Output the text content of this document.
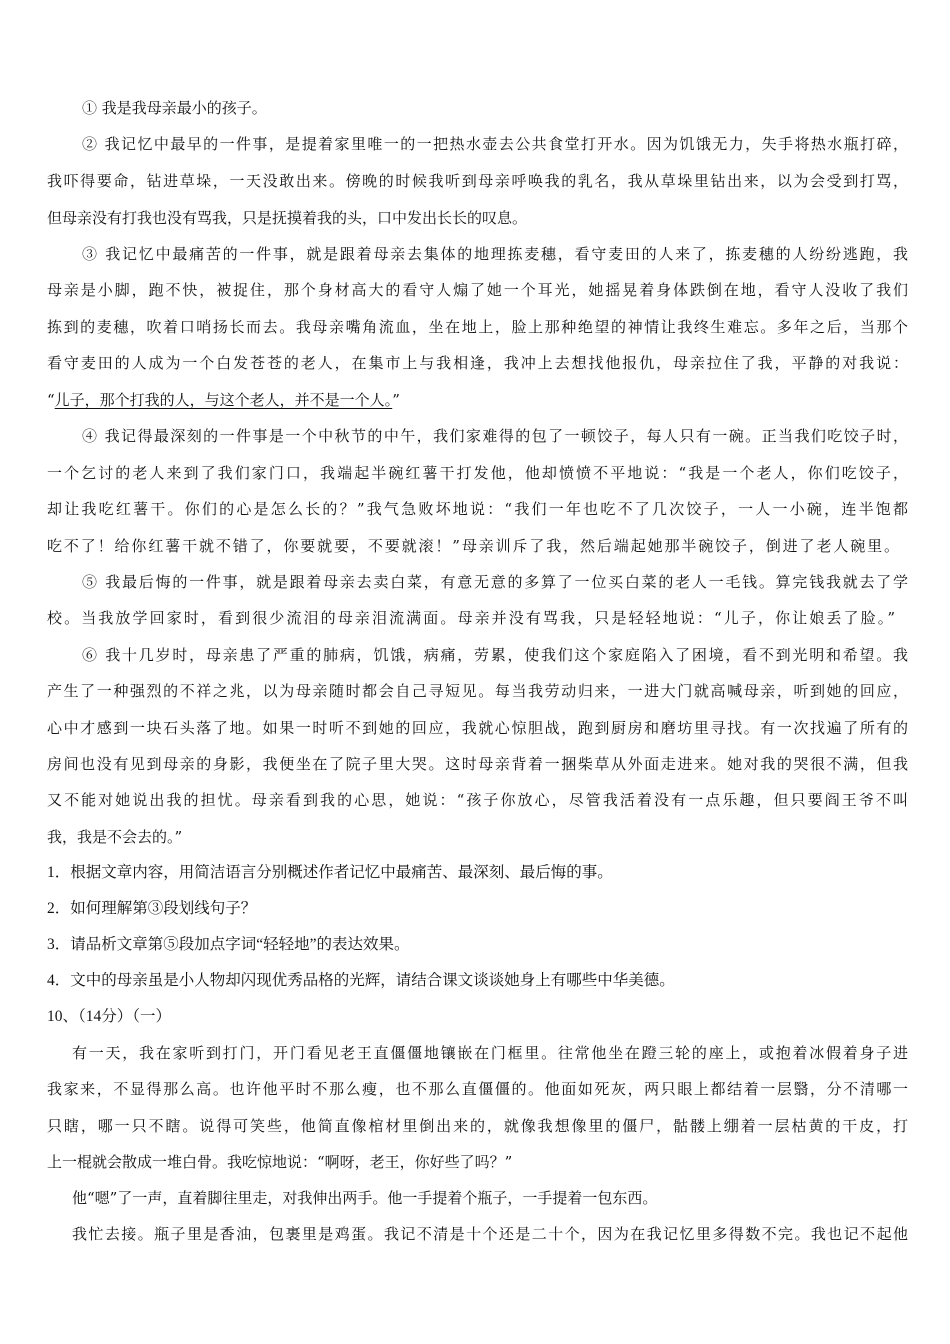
① 我是我母亲最小的孩子。
② 我记忆中最早的一件事，是提着家里唯一的一把热水壶去公共食堂打开水。因为饥饿无力，失手将热水瓶打碎，
我吓得要命，钻进草垛，一天没敢出来。傍晚的时候我听到母亲呼唤我的乳名，我从草垛里钻出来，以为会受到打骂，
但母亲没有打我也没有骂我，只是抚摸着我的头，口中发出长长的叹息。
③ 我记忆中最痛苦的一件事，就是跟着母亲去集体的地理拣麦穗，看守麦田的人来了，拣麦穗的人纷纷逃跑，我
母亲是小脚，跑不快，被捉住，那个身材高大的看守人煽了她一个耳光，她摇晃着身体跌倒在地，看守人没收了我们
拣到的麦穗，吹着口哨扬长而去。我母亲嘴角流血，坐在地上，脸上那种绝望的神情让我终生难忘。多年之后，当那个
看守麦田的人成为一个白发苍苍的老人，在集市上与我相逢，我冲上去想找他报仇，母亲拉住了我，平静的对我说：
“儿子，那个打我的人，与这个老人，并不是一个人。”
④ 我记得最深刻的一件事是一个中秋节的中午，我们家难得的包了一顿饺子，每人只有一碗。正当我们吃饺子时，
一个乞讨的老人来到了我们家门口，我端起半碗红薯干打发他，他却愤愤不平地说：“我是一个老人，你们吃饺子，
却让我吃红薯干。你们的心是怎么长的？”我气急败坏地说：“我们一年也吃不了几次饺子，一人一小碗，连半饱都
吃不了！给你红薯干就不错了，你要就要，不要就滚！”母亲训斥了我，然后端起她那半碗饺子，倒进了老人碗里。
⑤ 我最后悔的一件事，就是跟着母亲去卖白菜，有意无意的多算了一位买白菜的老人一毛钱。算完钱我就去了学
校。当我放学回家时，看到很少流泪的母亲泪流满面。母亲并没有骂我，只是轻轻地说：“儿子，你让娘丢了脸。”
⑥ 我十几岁时，母亲患了严重的肺病，饥饿，病痛，劳累，使我们这个家庭陷入了困境，看不到光明和希望。我
产生了一种强烈的不祥之兆，以为母亲随时都会自己寻短见。每当我劳动归来，一进大门就高喊母亲，听到她的回应，
心中才感到一块石头落了地。如果一时听不到她的回应，我就心惊胆战，跑到厨房和磨坊里寻找。有一次找遍了所有的
房间也没有见到母亲的身影，我便坐在了院子里大哭。这时母亲背着一捆柴草从外面走进来。她对我的哭很不满，但我
又不能对她说出我的担忧。母亲看到我的心思，她说：“孩子你放心，尽管我活着没有一点乐趣，但只要阎王爷不叫
我，我是不会去的。”
1．根据文章内容，用简洁语言分别概述作者记忆中最痛苦、最深刻、最后悔的事。
2．如何理解第③段划线句子？
3．请品析文章第⑤段加点字词“轻轻地”的表达效果。
4．文中的母亲虽是小人物却闪现优秀品格的光辉，请结合课文谈谈她身上有哪些中华美德。
10、（14分）（一）
有一天，我在家听到打门，开门看见老王直僵僵地镶嵌在门框里。往常他坐在蹬三轮的座上，或抱着冰假着身子进
我家来，不显得那么高。也许他平时不那么瘦，也不那么直僵僵的。他面如死灰，两只眼上都结着一层翳，分不清哪一
只瞎，哪一只不瞎。说得可笑些，他简直像棺材里倒出来的，就像我想像里的僵尸，骷髅上绷着一层枯黄的干皮，打
上一棍就会散成一堆白骨。我吃惊地说：“啊呀，老王，你好些了吗？”
他“嗯”了一声，直着脚往里走，对我伸出两手。他一手提着个瓶子，一手提着一包东西。
我忙去接。瓶子里是香油，包裹里是鸡蛋。我记不清是十个还是二十个，因为在我记忆里多得数不完。我也记不起他
